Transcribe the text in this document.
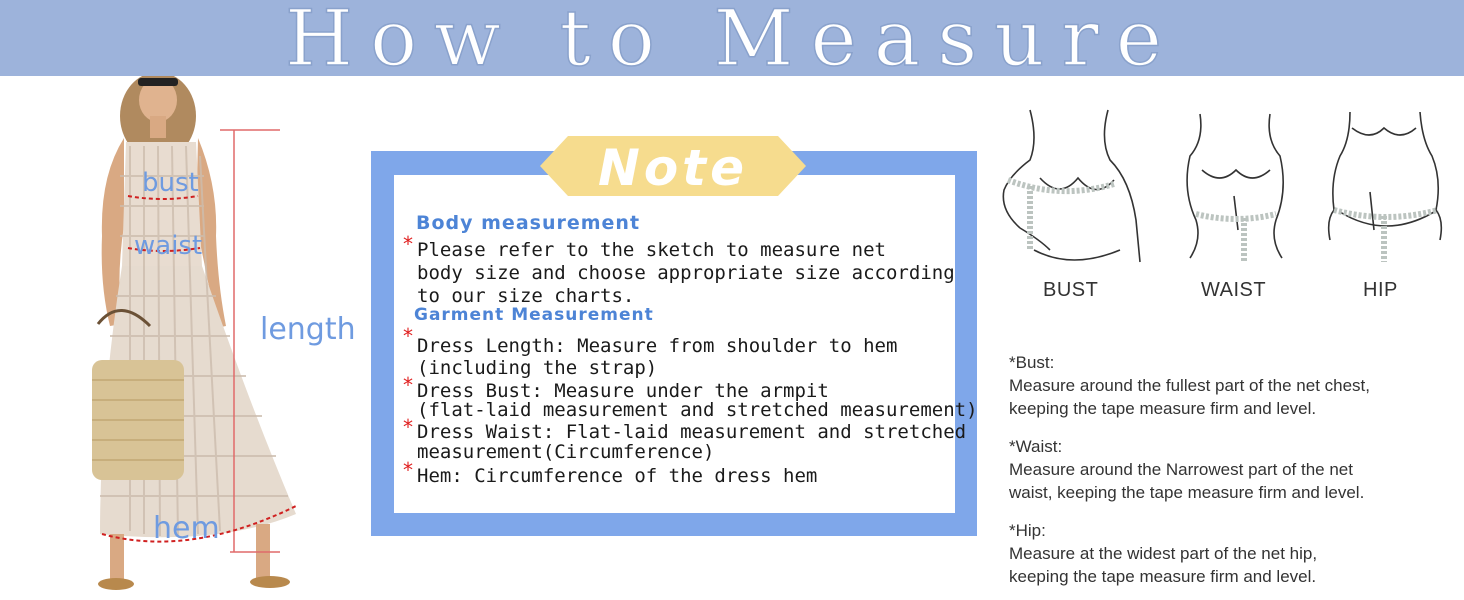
How to Measure
bust
waist
length
hem
Note
Body measurement
* Please refer to the sketch to measure net
body size and choose appropriate size according
to our size charts.
Garment Measurement
* Dress Length: Measure from shoulder to hem
(including the strap)
* Dress Bust: Measure under the armpit
(flat-laid measurement and stretched measurement)
* Dress Waist: Flat-laid measurement and stretched
measurement(Circumference)
* Hem: Circumference of the dress hem
BUST	WAIST	HIP
*Bust:
Measure around the fullest part of the net chest,
keeping the tape measure firm and level.
*Waist:
Measure around the Narrowest part of the net
waist, keeping the tape measure firm and level.
*Hip:
Measure at the widest part of the net hip,
keeping the tape measure firm and level.
